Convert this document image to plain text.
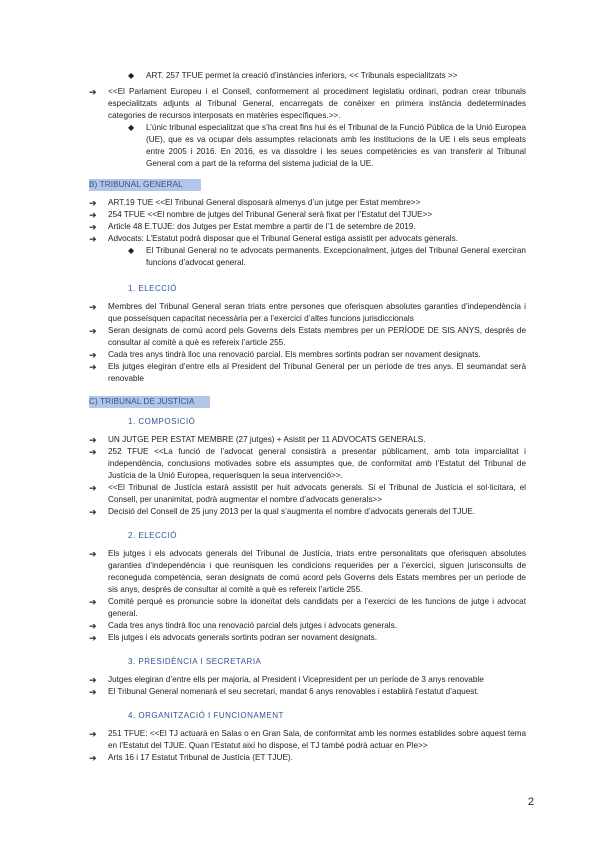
◆	ART. 257 TFUE permet la creació d’instàncies inferiors, << Tribunals especialitzats >>
➔	<<El Parlament Europeu i el Consell, conformement al procediment legislatiu ordinari, podran crear tribunals especialitzats adjunts al Tribunal General, encarregats de conèixer en primera instància dedeterminades categories de recursos interposats en matèries específiques.>>.
◆	L’únic tribunal especialitzat que s’ha creat fins hui és el Tribunal de la Funció Pública de la Unió Europea (UE), que es va ocupar dels assumptes relacionats amb les institucions de la UE i els seus empleats entre 2005 i 2016. En 2016, es va dissoldre i les seues competències es van transferir al Tribunal General com a part de la reforma del sistema judicial de la UE.
B) TRIBUNAL GENERAL
➔	ART.19 TUE <<El Tribunal General disposarà almenys d’un jutge per Estat membre>>
➔	254 TFUE <<El nombre de jutges del Tribunal General serà fixat per l’Estatut del TJUE>>
➔	Article 48 E.TUJE: dos Jutges per Estat membre a partir de l’1 de setembre de 2019.
➔	Advocats: L’Estatut podrà disposar que el Tribunal General estiga assistit per advocats generals.
◆	El Tribunal General no te advocats permanents. Excepcionalment, jutges del Tribunal General exerciran funcions d’advocat general.
1. ELECCIÓ
➔	Membres del Tribunal General seran triats entre persones que oferisquen absolutes garanties d’independència i que posseïsquen capacitat necessària per a l’exercici d’altes funcions jurisdiccionals
➔	Seran designats de comú acord pels Governs dels Estats membres per un PERÍODE DE SIS ANYS, després de consultar al comitè a què es refereix l’article 255.
➔	Cada tres anys tindrà lloc una renovació parcial. Els membres sortints podran ser novament designats.
➔	Els jutges elegiran d’entre ells al President del Tribunal General per un període de tres anys. El seumandat serà renovable
C) TRIBUNAL DE JUSTÍCIA
1. COMPOSICIÓ
➔	UN JUTGE PER ESTAT MEMBRE (27 jutges) + Asistit per 11 ADVOCATS GENERALS.
➔	252 TFUE <<La funció de l’advocat general consistirà a presentar públicament, amb tota imparcialitat i independència, conclusions motivades sobre els assumptes que, de conformitat amb l’Estatut del Tribunal de Justícia de la Unió Europea, requerisquen la seua intervenció>>.
➔	<<El Tribunal de Justícia estarà assistit per huit advocats generals. Si el Tribunal de Justícia el sol·licitara, el Consell, per unanimitat, podrà augmentar el nombre d’advocats generals>>
➔	Decisió del Consell de 25 juny 2013 per la qual s’augmenta el nombre d’advocats generals del TJUE.
2. ELECCIÓ
➔	Els jutges i els advocats generals del Tribunal de Justícia, triats entre personalitats que oferisquen absolutes garanties d’independència i que reunisquen les condicions requerides per a l’exercici, siguen jurisconsults de reconeguda competència, seran designats de comú acord pels Governs dels Estats membres per un període de sis anys, després de consultar al comitè a què es refereix l’article 255.
➔	Comitè perquè es pronuncie sobre la idoneïtat dels candidats per a l’exercici de les funcions de jutge i advocat general.
➔	Cada tres anys tindrà lloc una renovació parcial dels jutges i advocats generals.
➔	Els jutges i els advocats generals sortints podran ser novament designats.
3. PRESIDÈNCIA I SECRETARIA
➔	Jutges elegiran d’entre ells per majoria, al President i Vicepresident per un període de 3 anys renovable
➔	El Tribunal General nomenarà el seu secretari, mandat 6 anys renovables i establirà l’estatut d’aquest.
4. ORGANITZACIÓ I FUNCIONAMENT
➔	251 TFUE: <<El TJ actuarà en Salas o en Gran Sala, de conformitat amb les normes establides sobre aquest tema en l’Estatut del TJUE. Quan l’Estatut així ho dispose, el TJ també podrà actuar en Ple>>
➔	Arts 16 i 17 Estatut Tribunal de Justícia (ET TJUE).
2
